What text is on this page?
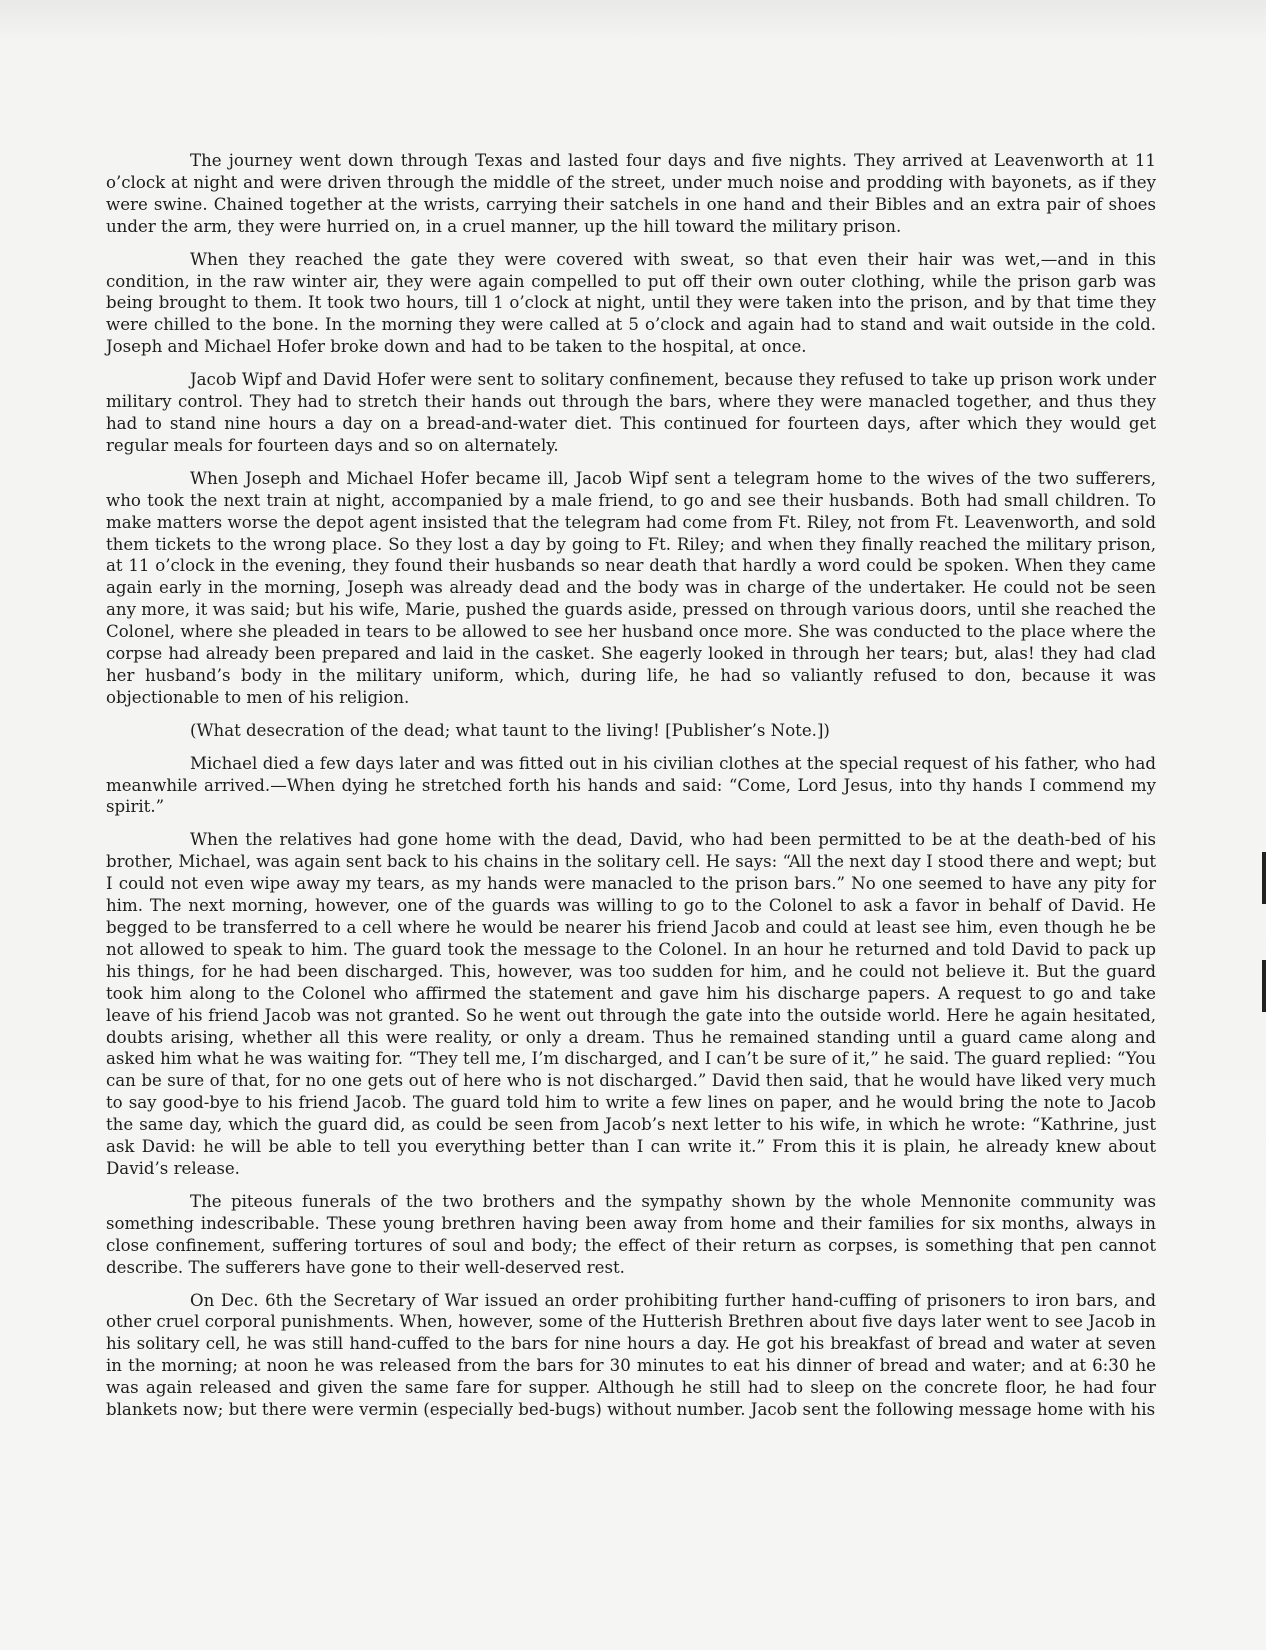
The journey went down through Texas and lasted four days and five nights. They arrived at Leavenworth at 11 o’clock at night and were driven through the middle of the street, under much noise and prodding with bayonets, as if they were swine. Chained together at the wrists, carrying their satchels in one hand and their Bibles and an extra pair of shoes under the arm, they were hurried on, in a cruel manner, up the hill toward the military prison.

When they reached the gate they were covered with sweat, so that even their hair was wet,—and in this condition, in the raw winter air, they were again compelled to put off their own outer clothing, while the prison garb was being brought to them. It took two hours, till 1 o’clock at night, until they were taken into the prison, and by that time they were chilled to the bone. In the morning they were called at 5 o’clock and again had to stand and wait outside in the cold. Joseph and Michael Hofer broke down and had to be taken to the hospital, at once.

Jacob Wipf and David Hofer were sent to solitary confinement, because they refused to take up prison work under military control. They had to stretch their hands out through the bars, where they were manacled together, and thus they had to stand nine hours a day on a bread-and-water diet. This continued for fourteen days, after which they would get regular meals for fourteen days and so on alternately.

When Joseph and Michael Hofer became ill, Jacob Wipf sent a telegram home to the wives of the two sufferers, who took the next train at night, accompanied by a male friend, to go and see their husbands. Both had small children. To make matters worse the depot agent insisted that the telegram had come from Ft. Riley, not from Ft. Leavenworth, and sold them tickets to the wrong place. So they lost a day by going to Ft. Riley; and when they finally reached the military prison, at 11 o’clock in the evening, they found their husbands so near death that hardly a word could be spoken. When they came again early in the morning, Joseph was already dead and the body was in charge of the undertaker. He could not be seen any more, it was said; but his wife, Marie, pushed the guards aside, pressed on through various doors, until she reached the Colonel, where she pleaded in tears to be allowed to see her husband once more. She was conducted to the place where the corpse had already been prepared and laid in the casket. She eagerly looked in through her tears; but, alas! they had clad her husband’s body in the military uniform, which, during life, he had so valiantly refused to don, because it was objectionable to men of his religion.

(What desecration of the dead; what taunt to the living! [Publisher’s Note.])

Michael died a few days later and was fitted out in his civilian clothes at the special request of his father, who had meanwhile arrived.—When dying he stretched forth his hands and said: “Come, Lord Jesus, into thy hands I commend my spirit.”

When the relatives had gone home with the dead, David, who had been permitted to be at the death-bed of his brother, Michael, was again sent back to his chains in the solitary cell. He says: “All the next day I stood there and wept; but I could not even wipe away my tears, as my hands were manacled to the prison bars.” No one seemed to have any pity for him. The next morning, however, one of the guards was willing to go to the Colonel to ask a favor in behalf of David. He begged to be transferred to a cell where he would be nearer his friend Jacob and could at least see him, even though he be not allowed to speak to him. The guard took the message to the Colonel. In an hour he returned and told David to pack up his things, for he had been discharged. This, however, was too sudden for him, and he could not believe it. But the guard took him along to the Colonel who affirmed the statement and gave him his discharge papers. A request to go and take leave of his friend Jacob was not granted. So he went out through the gate into the outside world. Here he again hesitated, doubts arising, whether all this were reality, or only a dream. Thus he remained standing until a guard came along and asked him what he was waiting for. “They tell me, I’m discharged, and I can’t be sure of it,” he said. The guard replied: “You can be sure of that, for no one gets out of here who is not discharged.” David then said, that he would have liked very much to say good-bye to his friend Jacob. The guard told him to write a few lines on paper, and he would bring the note to Jacob the same day, which the guard did, as could be seen from Jacob’s next letter to his wife, in which he wrote: “Kathrine, just ask David: he will be able to tell you everything better than I can write it.” From this it is plain, he already knew about David’s release.

The piteous funerals of the two brothers and the sympathy shown by the whole Mennonite community was something indescribable. These young brethren having been away from home and their families for six months, always in close confinement, suffering tortures of soul and body; the effect of their return as corpses, is something that pen cannot describe. The sufferers have gone to their well-deserved rest.

On Dec. 6th the Secretary of War issued an order prohibiting further hand-cuffing of prisoners to iron bars, and other cruel corporal punishments. When, however, some of the Hutterish Brethren about five days later went to see Jacob in his solitary cell, he was still hand-cuffed to the bars for nine hours a day. He got his breakfast of bread and water at seven in the morning; at noon he was released from the bars for 30 minutes to eat his dinner of bread and water; and at 6:30 he was again released and given the same fare for supper. Although he still had to sleep on the concrete floor, he had four blankets now; but there were vermin (especially bed-bugs) without number. Jacob sent the following message home with his
